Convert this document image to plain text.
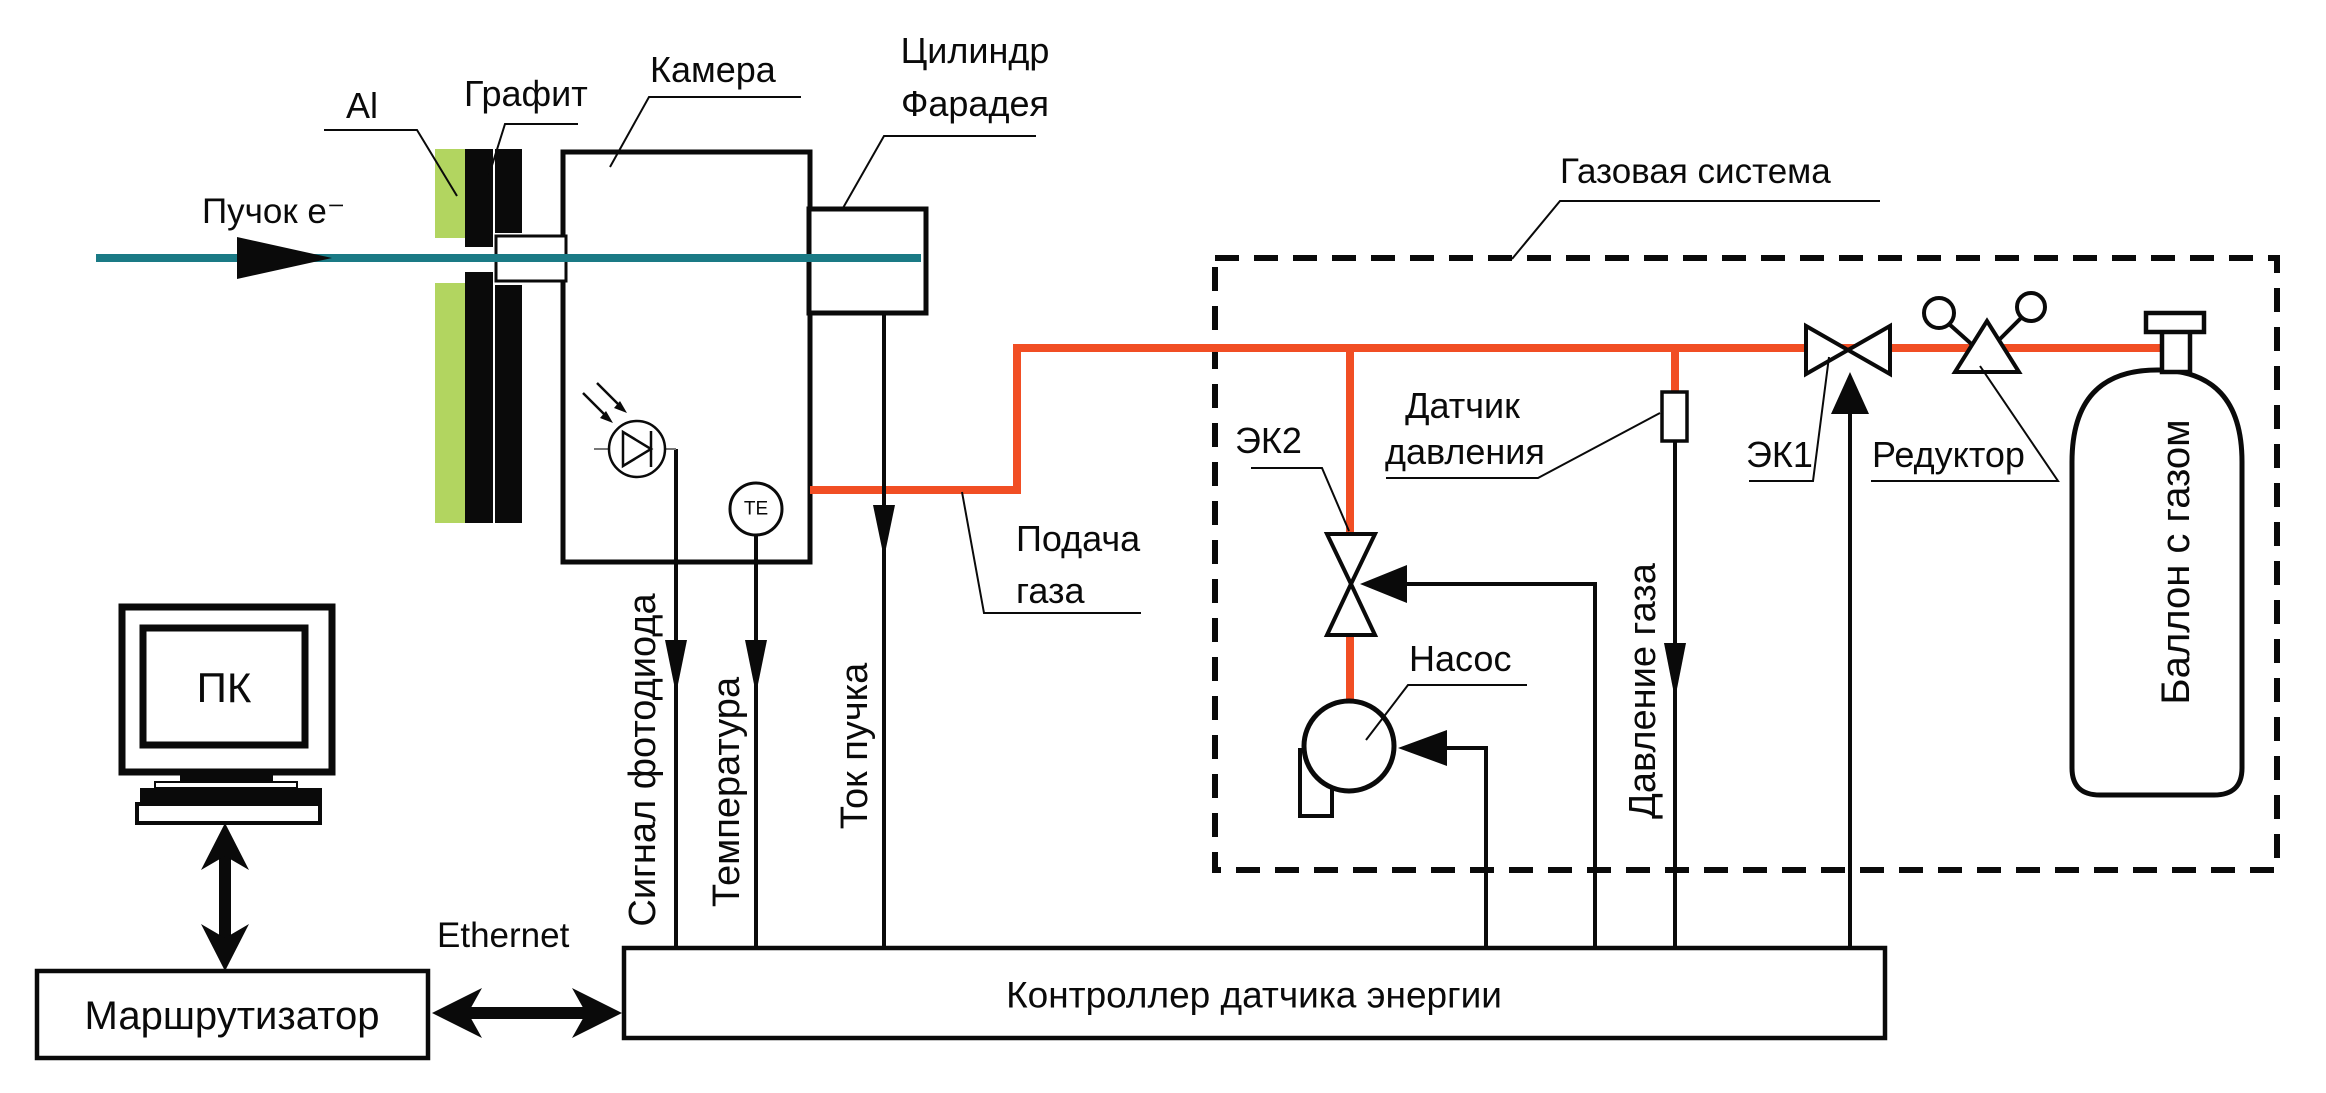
Пучок e⁻
Al	Графит
Камера	Цилиндр
Фарадея
Газовая система
Подача
газа
ЭК2
Датчик
давления	ЭК1 Редуктор
Насос
Сигнал фотодиода Температура Ток пучка	Давление газа	Баллон с газом
TE
ПК
Маршрутизатор
Ethernet
Контроллер датчика энергии
